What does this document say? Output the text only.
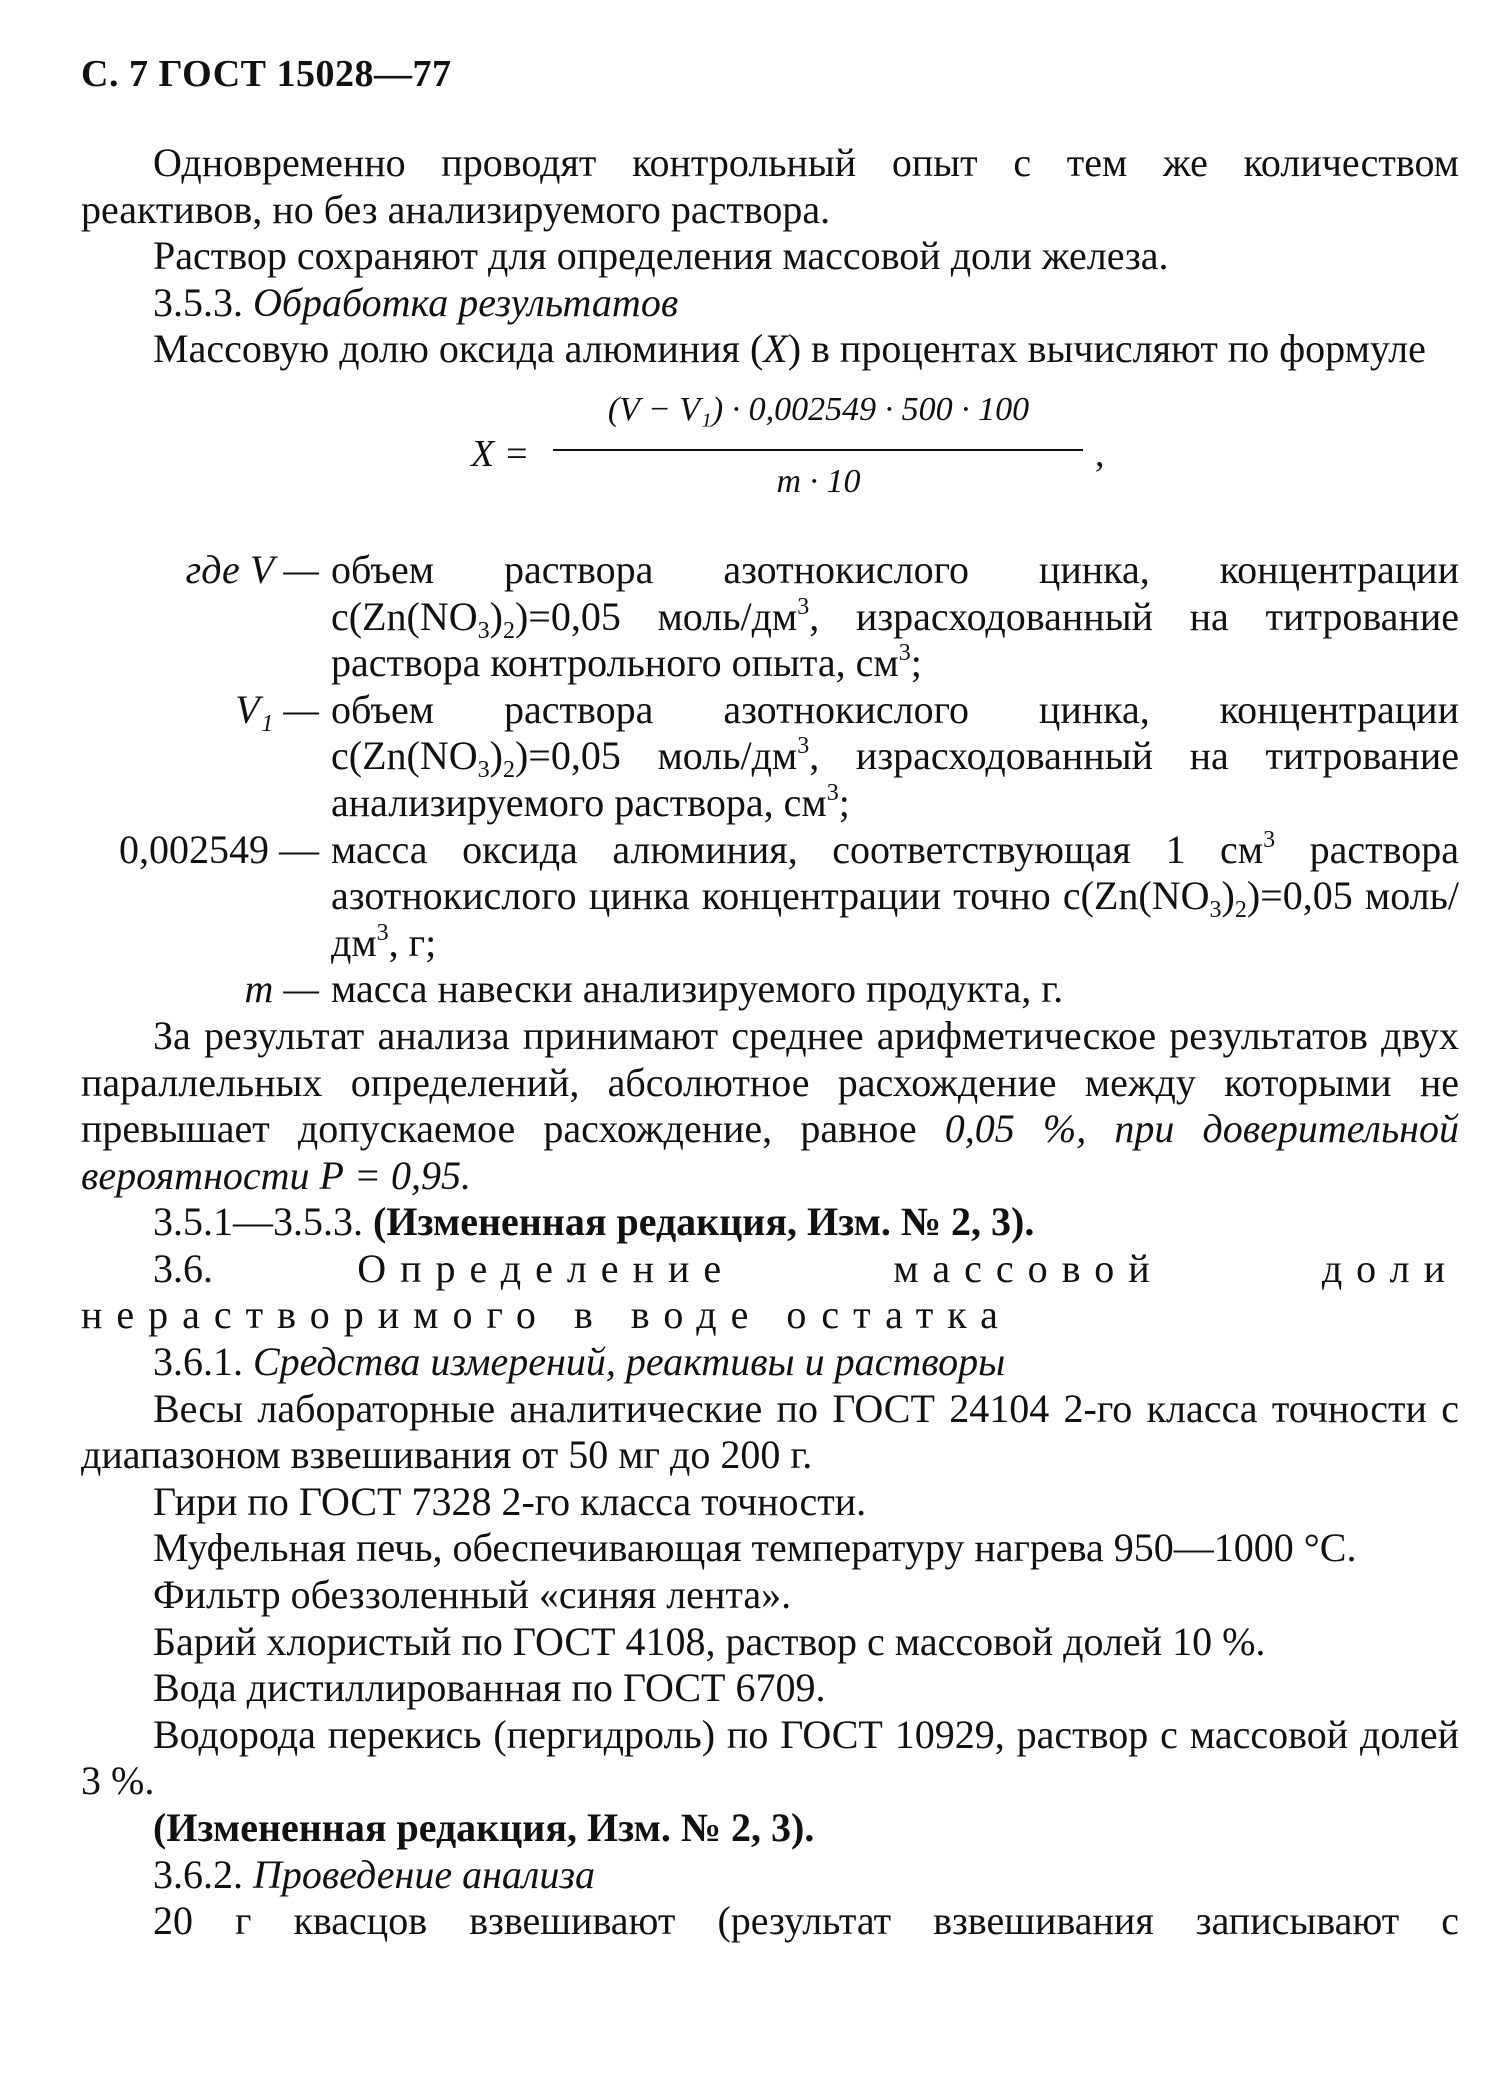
С. 7 ГОСТ 15028—77

Одновременно проводят контрольный опыт с тем же количеством реактивов, но без анализируемого раствора.

Раствор сохраняют для определения массовой доли железа.

3.5.3. Обработка результатов

Массовую долю оксида алюминия (X) в процентах вычисляют по формуле

X =
(V − V₁) · 0,002549 · 500 · 100
m · 10
,
где V — объем раствора азотнокислого цинка, концентрации $c(Zn(NO_3)_2)=0,05$ моль/$дм^3$, израсходованный на титрование раствора контрольного опыта, $см^3$;
V₁ — объем раствора азотнокислого цинка, концентрации $c(Zn(NO_3)_2)=0,05$ моль/$дм^3$, израсходованный на титрование анализируемого раствора, $см^3$;
0,002549 — масса оксида алюминия, соответствующая 1 $см^3$ раствора азотнокислого цинка концентрации точно $c(Zn(NO_3)_2)=0,05$ моль/$дм^3$, г;
m — масса навески анализируемого продукта, г.

За результат анализа принимают среднее арифметическое результатов двух параллельных определений, абсолютное расхождение между которыми не превышает допускаемое расхождение, равное 0,05 %, при доверительной вероятности Р = 0,95.

3.5.1—3.5.3. (Измененная редакция, Изм. № 2, 3).

3.6.	Определение массовой доли нерастворимого в воде остатка

3.6.1. Средства измерений, реактивы и растворы

Весы лабораторные аналитические по ГОСТ 24104 2-го класса точности с диапазоном взвешивания от 50 мг до 200 г.

Гири по ГОСТ 7328 2-го класса точности.

Муфельная печь, обеспечивающая температуру нагрева 950—1000 °С.

Фильтр обеззоленный «синяя лента».

Барий хлористый по ГОСТ 4108, раствор с массовой долей 10 %.

Вода дистиллированная по ГОСТ 6709.

Водорода перекись (пергидроль) по ГОСТ 10929, раствор с массовой долей 3 %.

(Измененная редакция, Изм. № 2, 3).

3.6.2. Проведение анализа

20 г квасцов взвешивают (результат взвешивания записывают с
